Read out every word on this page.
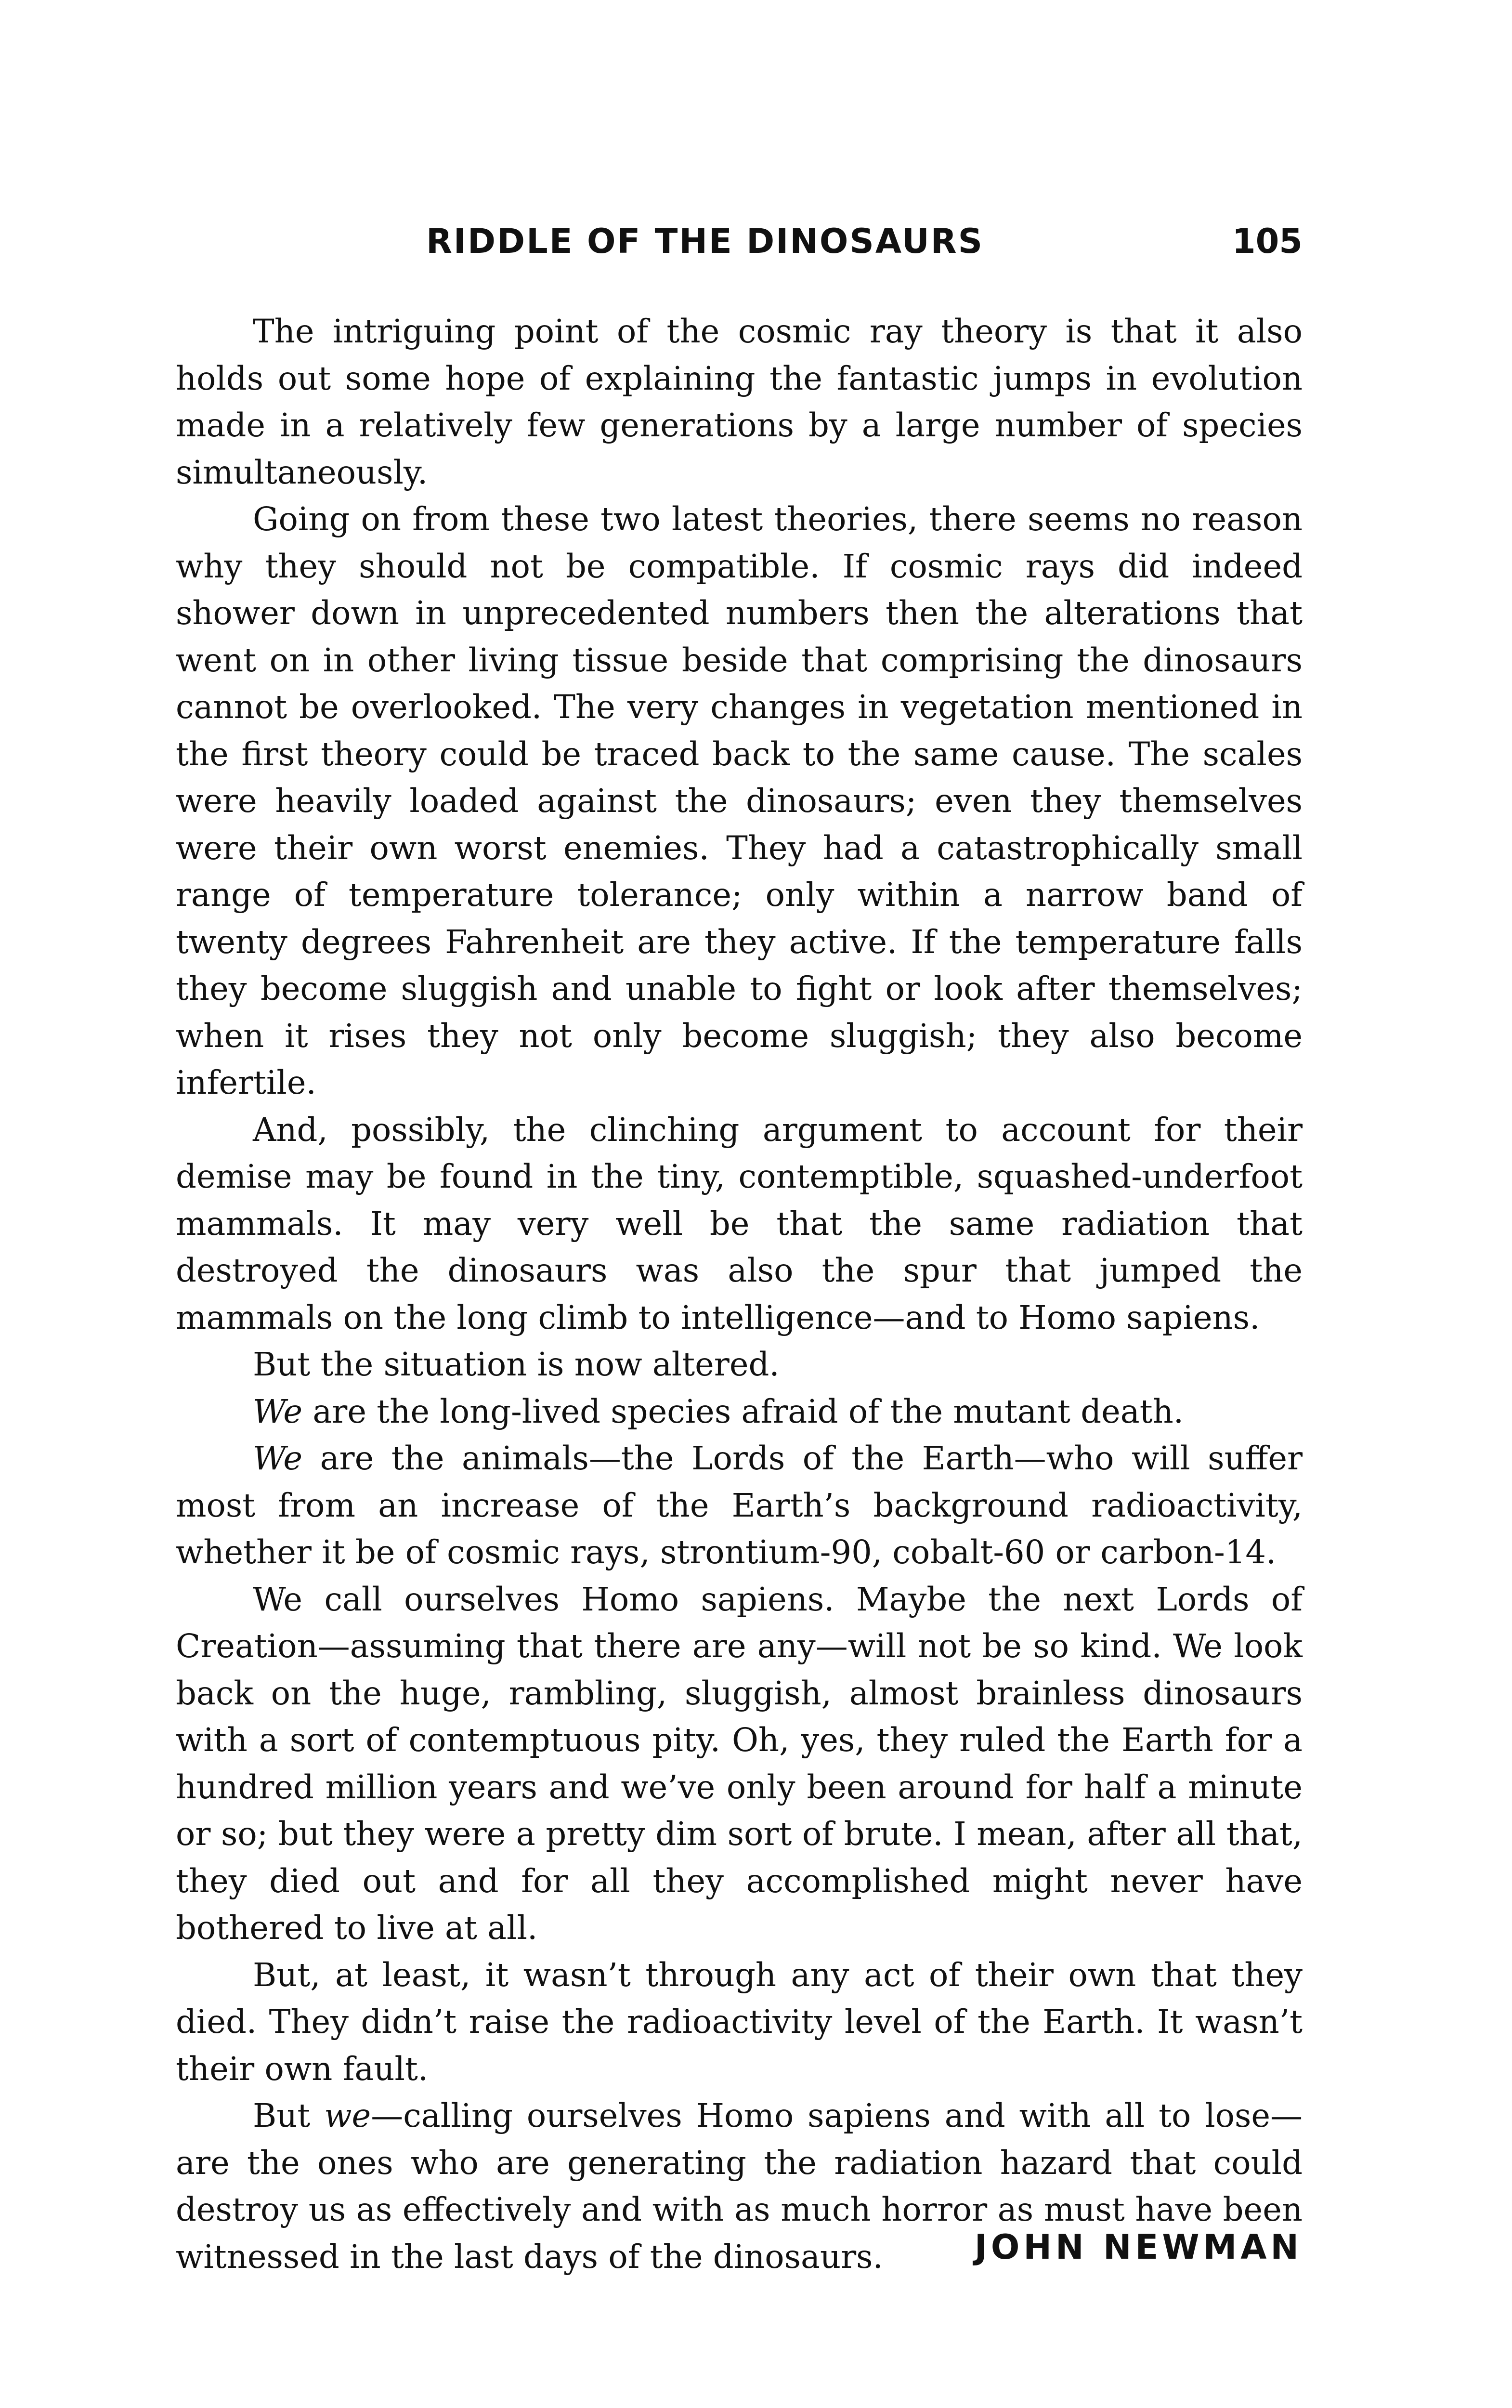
RIDDLE OF THE DINOSAURS	105

The intriguing point of the cosmic ray theory is that it also holds out some hope of explaining the fantastic jumps in evolution made in a relatively few generations by a large number of species simultaneously.

Going on from these two latest theories, there seems no reason why they should not be compatible. If cosmic rays did indeed shower down in unprecedented numbers then the alterations that went on in other living tissue beside that comprising the dinosaurs cannot be overlooked. The very changes in vegetation mentioned in the first theory could be traced back to the same cause. The scales were heavily loaded against the dinosaurs; even they themselves were their own worst enemies. They had a catastrophically small range of temperature tolerance; only within a narrow band of twenty degrees Fahrenheit are they active. If the temperature falls they become sluggish and unable to fight or look after themselves; when it rises they not only become sluggish; they also become infertile.

And, possibly, the clinching argument to account for their demise may be found in the tiny, contemptible, squashed-underfoot mammals. It may very well be that the same radiation that destroyed the dinosaurs was also the spur that jumped the mammals on the long climb to intelligence—and to Homo sapiens.

But the situation is now altered.

We are the long-lived species afraid of the mutant death.

We are the animals—the Lords of the Earth—who will suffer most from an increase of the Earth’s background radioactivity, whether it be of cosmic rays, strontium-90, cobalt-60 or carbon-14.

We call ourselves Homo sapiens. Maybe the next Lords of Creation—assuming that there are any—will not be so kind. We look back on the huge, rambling, sluggish, almost brainless dinosaurs with a sort of contemptuous pity. Oh, yes, they ruled the Earth for a hundred million years and we’ve only been around for half a minute or so; but they were a pretty dim sort of brute. I mean, after all that, they died out and for all they accomplished might never have bothered to live at all.

But, at least, it wasn’t through any act of their own that they died. They didn’t raise the radioactivity level of the Earth. It wasn’t their own fault.

But we—calling ourselves Homo sapiens and with all to lose—are the ones who are generating the radiation hazard that could destroy us as effectively and with as much horror as must have been witnessed in the last days of the dinosaurs.	JOHN NEWMAN
